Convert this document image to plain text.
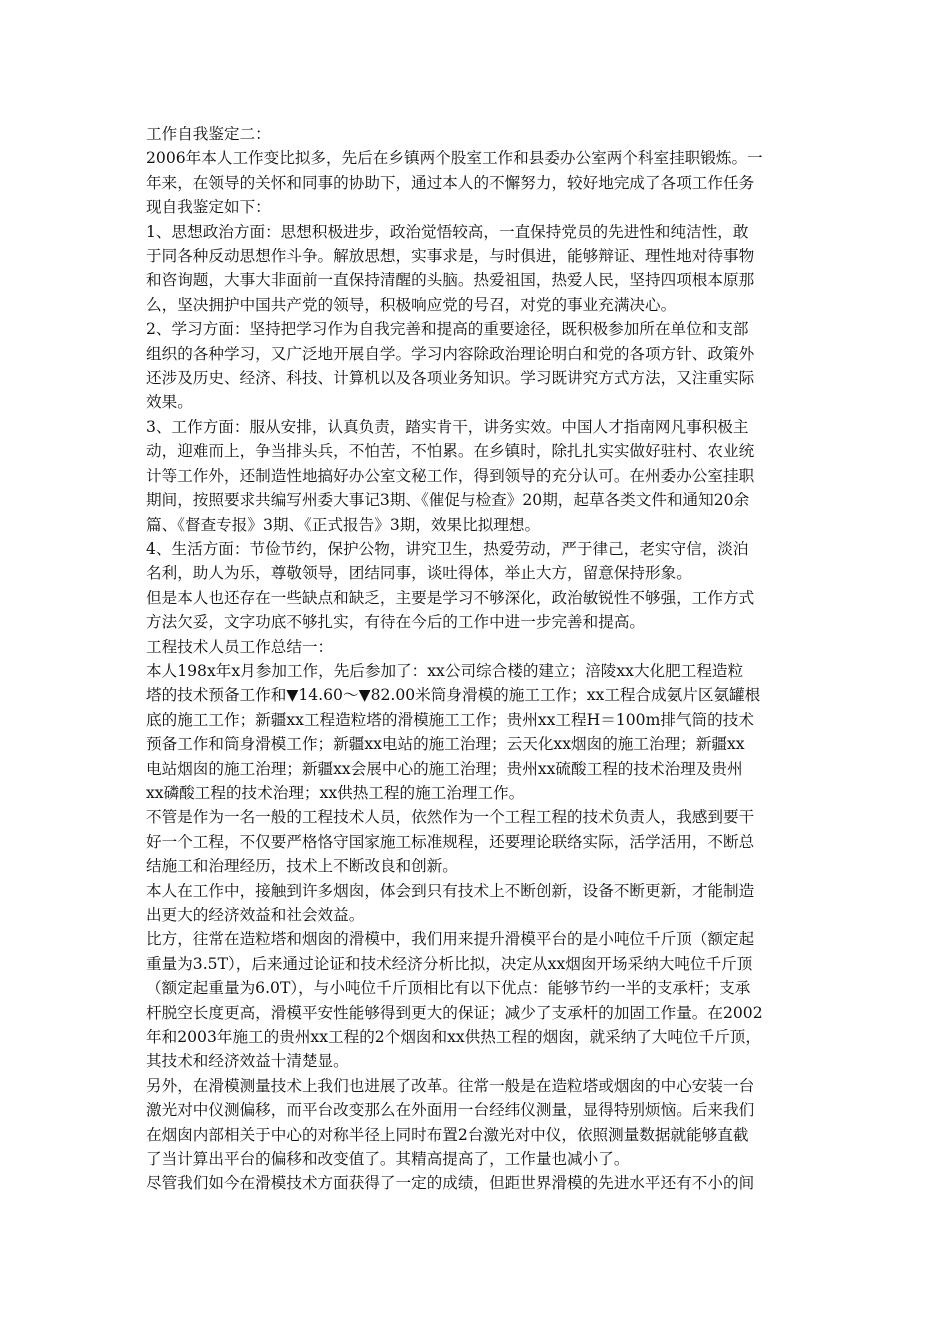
工作自我鉴定二：

2006年本人工作变比拟多，先后在乡镇两个股室工作和县委办公室两个科室挂职锻炼。一
年来，在领导的关怀和同事的协助下，通过本人的不懈努力，较好地完成了各项工作任务
现自我鉴定如下：

1、思想政治方面：思想积极进步，政治觉悟较高，一直保持党员的先进性和纯洁性，敢
于同各种反动思想作斗争。解放思想，实事求是，与时俱进，能够辩证、理性地对待事物
和咨询题，大事大非面前一直保持清醒的头脑。热爱祖国，热爱人民，坚持四项根本原那
么，坚决拥护中国共产党的领导，积极响应党的号召，对党的事业充满决心。

2、学习方面：坚持把学习作为自我完善和提高的重要途径，既积极参加所在单位和支部
组织的各种学习，又广泛地开展自学。学习内容除政治理论明白和党的各项方针、政策外
还涉及历史、经济、科技、计算机以及各项业务知识。学习既讲究方式方法，又注重实际
效果。

3、工作方面：服从安排，认真负责，踏实肯干，讲务实效。中国人才指南网凡事积极主
动，迎难而上，争当排头兵，不怕苦，不怕累。在乡镇时，除扎扎实实做好驻村、农业统
计等工作外，还制造性地搞好办公室文秘工作，得到领导的充分认可。在州委办公室挂职
期间，按照要求共编写州委大事记3期、《催促与检查》20期，起草各类文件和通知20余
篇、《督查专报》3期、《正式报告》3期，效果比拟理想。

4、生活方面：节俭节约，保护公物，讲究卫生，热爱劳动，严于律己，老实守信，淡泊
名利，助人为乐，尊敬领导，团结同事，谈吐得体，举止大方，留意保持形象。

但是本人也还存在一些缺点和缺乏，主要是学习不够深化，政治敏锐性不够强，工作方式
方法欠妥，文字功底不够扎实，有待在今后的工作中进一步完善和提高。

工程技术人员工作总结一：

本人198x年x月参加工作，先后参加了：xx公司综合楼的建立；涪陵xx大化肥工程造粒
塔的技术预备工作和▼14.60～▼82.00米筒身滑模的施工工作；xx工程合成氨片区氨罐根
底的施工工作；新疆xx工程造粒塔的滑模施工工作；贵州xx工程H＝100m排气筒的技术
预备工作和筒身滑模工作；新疆xx电站的施工治理；云天化xx烟囱的施工治理；新疆xx
电站烟囱的施工治理；新疆xx会展中心的施工治理；贵州xx硫酸工程的技术治理及贵州
xx磷酸工程的技术治理；xx供热工程的施工治理工作。

不管是作为一名一般的工程技术人员，依然作为一个工程工程的技术负责人，我感到要干
好一个工程，不仅要严格恪守国家施工标准规程，还要理论联络实际，活学活用，不断总
结施工和治理经历，技术上不断改良和创新。

本人在工作中，接触到许多烟囱，体会到只有技术上不断创新，设备不断更新，才能制造
出更大的经济效益和社会效益。

比方，往常在造粒塔和烟囱的滑模中，我们用来提升滑模平台的是小吨位千斤顶（额定起
重量为3.5T），后来通过论证和技术经济分析比拟，决定从xx烟囱开场采纳大吨位千斤顶
（额定起重量为6.0T），与小吨位千斤顶相比有以下优点：能够节约一半的支承杆；支承
杆脱空长度更高，滑模平安性能够得到更大的保证；减少了支承杆的加固工作量。在2002
年和2003年施工的贵州xx工程的2个烟囱和xx供热工程的烟囱，就采纳了大吨位千斤顶，
其技术和经济效益十清楚显。

另外，在滑模测量技术上我们也进展了改革。往常一般是在造粒塔或烟囱的中心安装一台
激光对中仪测偏移，而平台改变那么在外面用一台经纬仪测量，显得特别烦恼。后来我们
在烟囱内部相关于中心的对称半径上同时布置2台激光对中仪，依照测量数据就能够直截
了当计算出平台的偏移和改变值了。其精高提高了，工作量也减小了。

尽管我们如今在滑模技术方面获得了一定的成绩，但距世界滑模的先进水平还有不小的间
